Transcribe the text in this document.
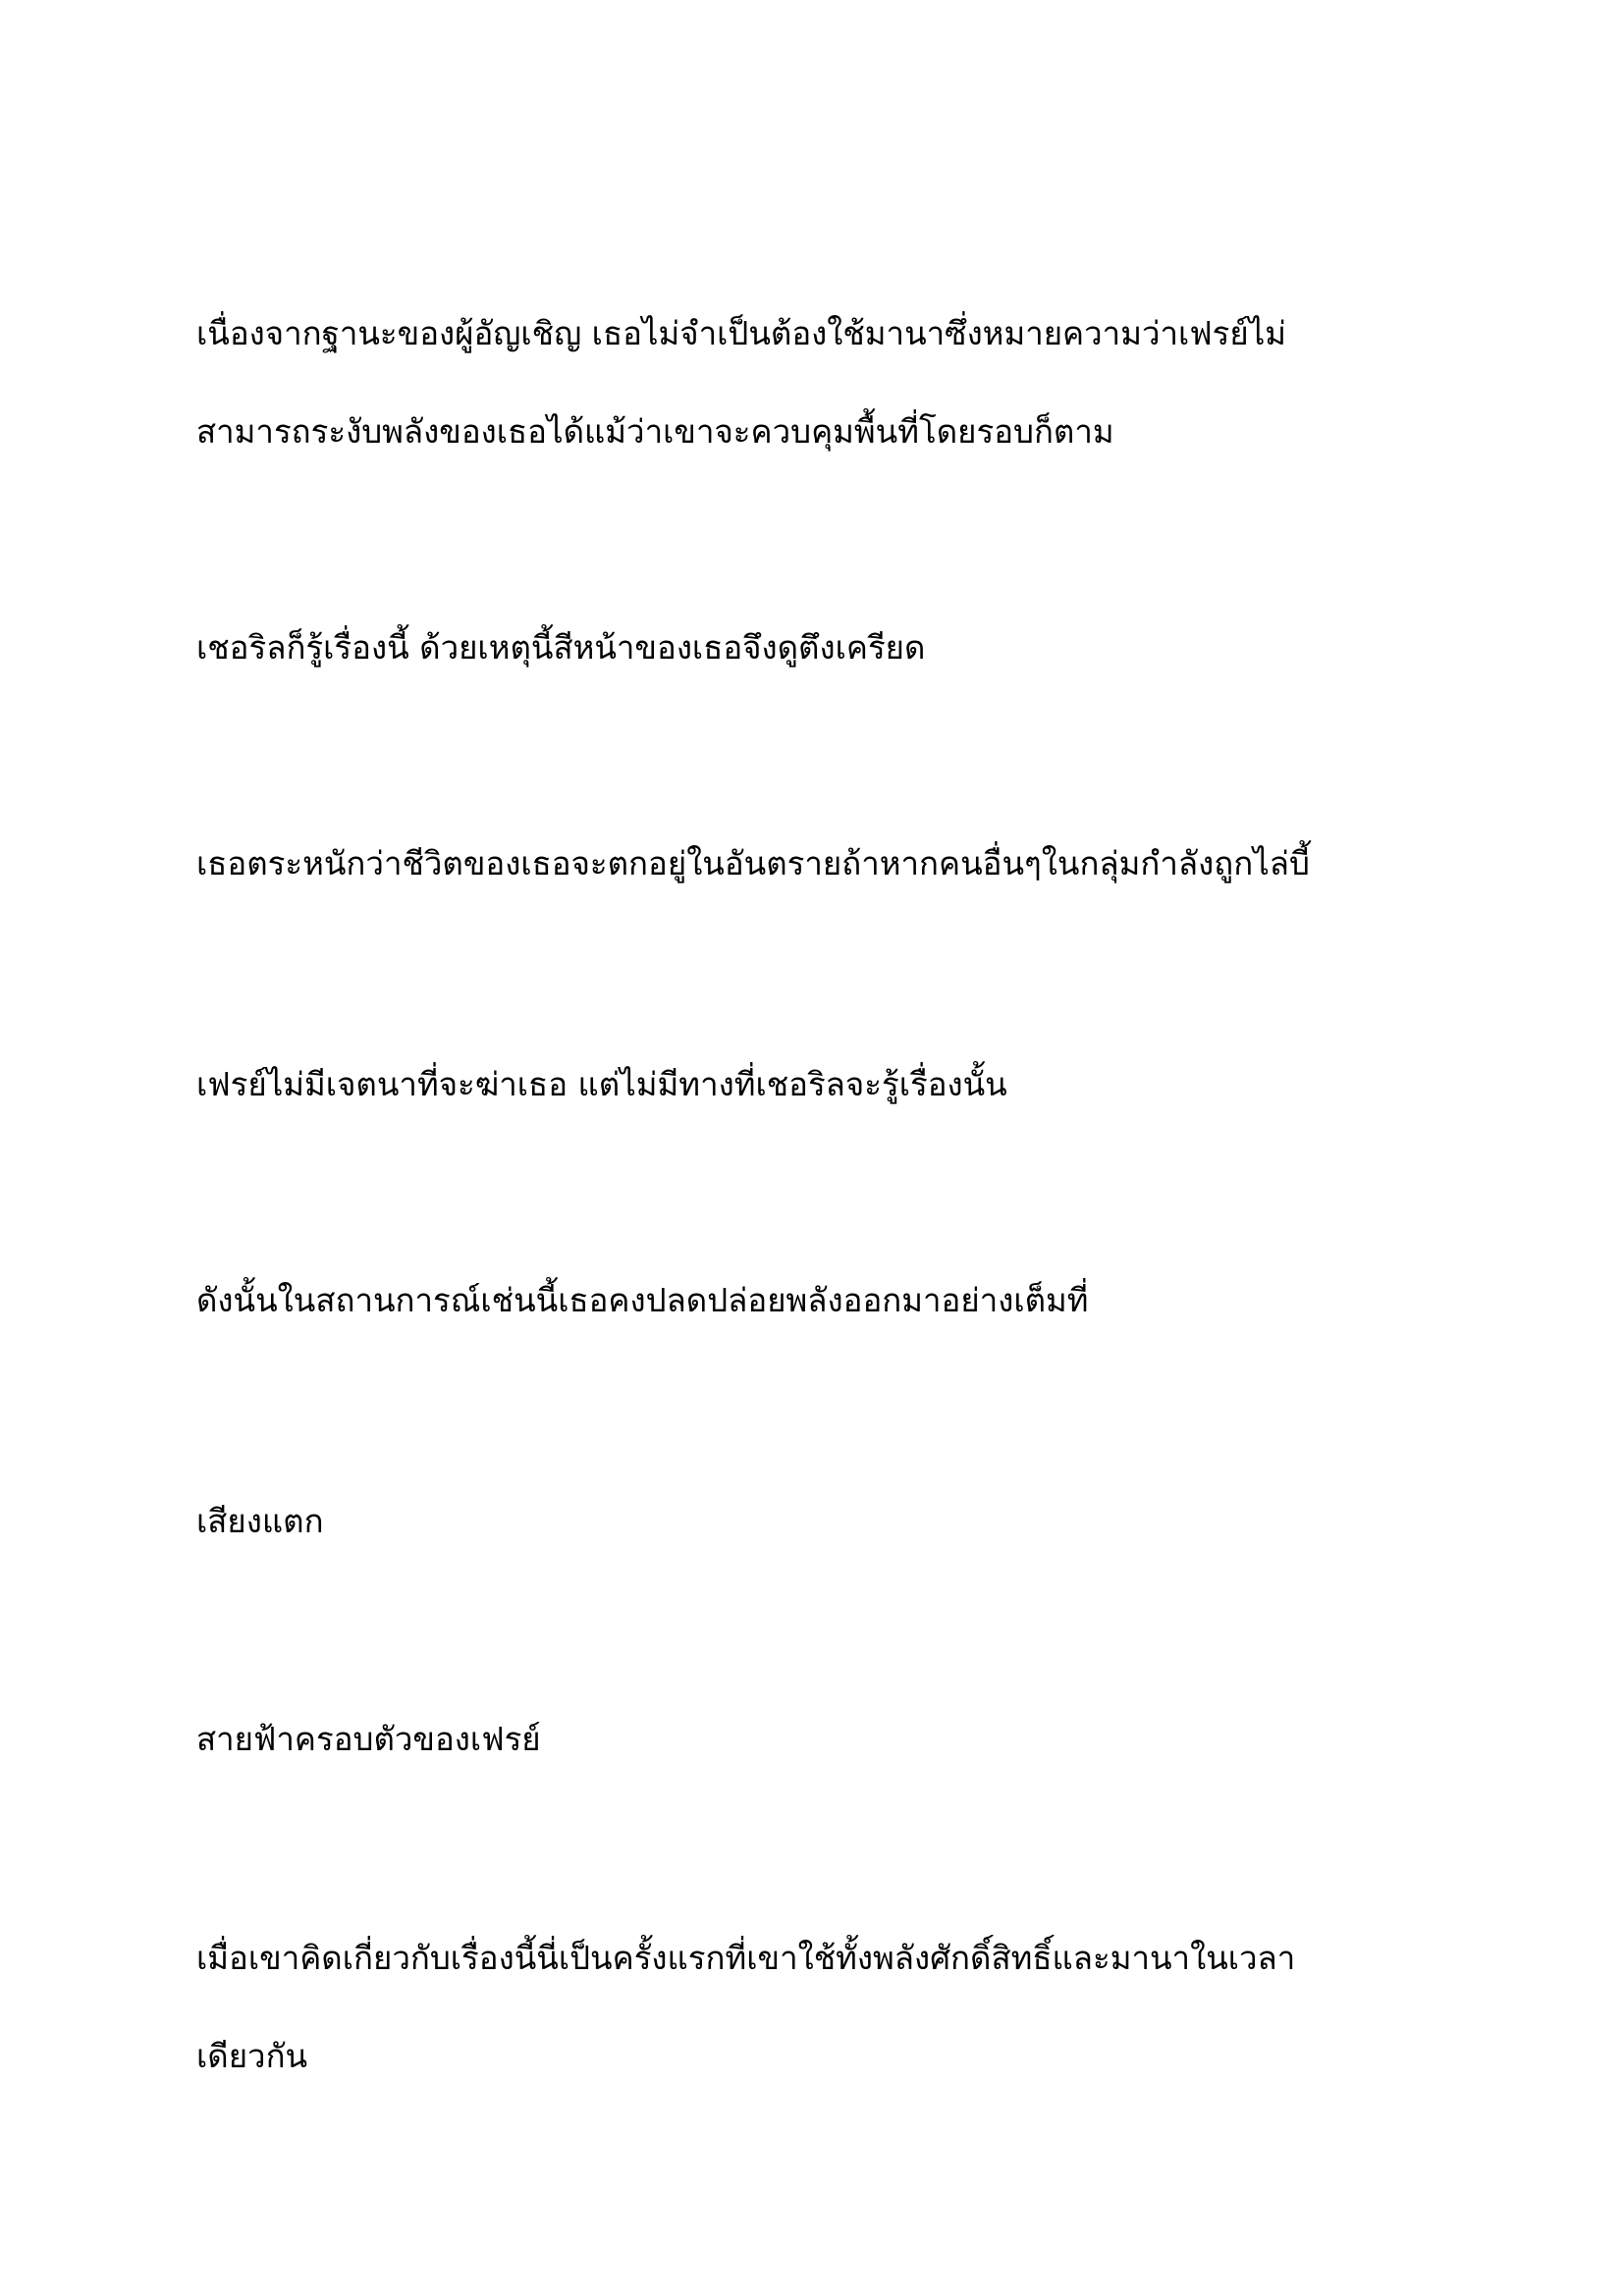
เนื่องจากฐานะของผู้อัญเชิญ เธอไม่จำเป็นต้องใช้มานาซึ่งหมายความว่าเฟรย์ไม่
สามารถระงับพลังของเธอได้แม้ว่าเขาจะควบคุมพื้นที่โดยรอบก็ตาม
เชอริลก็รู้เรื่องนี้ ด้วยเหตุนี้สีหน้าของเธอจึงดูตึงเครียด
เธอตระหนักว่าชีวิตของเธอจะตกอยู่ในอันตรายถ้าหากคนอื่นๆในกลุ่มกำลังถูกไล่บี้
เฟรย์ไม่มีเจตนาที่จะฆ่าเธอ แต่ไม่มีทางที่เชอริลจะรู้เรื่องนั้น
ดังนั้นในสถานการณ์เช่นนี้เธอคงปลดปล่อยพลังออกมาอย่างเต็มที่
เสียงแตก
สายฟ้าครอบตัวของเฟรย์
เมื่อเขาคิดเกี่ยวกับเรื่องนี้นี่เป็นครั้งแรกที่เขาใช้ทั้งพลังศักดิ์สิทธิ์และมานาในเวลา
เดียวกัน
